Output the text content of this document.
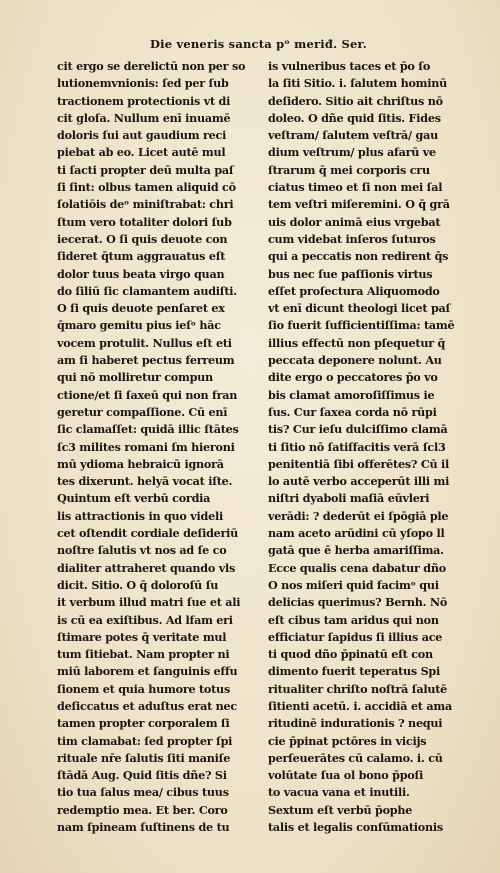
Die veneris sancta pᵒ meriđ. Ser.
cit ergo se derelictū non per so
lutionemvnionis: ſed per ſub
tractionem protectionis vt di
cit gloſa. Nullum enī inuamē
doloris ſui aut gaudium reci
piebat ab eo. Licet autē mul
ti ſacti propter deū multa paſ
ſi ſint: olbus tamen aliquid cō
ſolatiōis deᵒ miniſtrabat: chri
ſtum vero totaliter dolori ſub
iecerat. O ſi quis deuote con
ſideret q̄tum aggrauatus eſt
dolor tuus beata virgo quan
do ſiliū ſic clamantem audiſti.
O ſi quis deuote penſaret ex
q̄maro gemitu pius ieſᵒ hāc
vocem protulit. Nullus eſt eti
am ſi haberet pectus ferreum
qui nō molliretur compun
ctione/et ſi ſaxeū qui non fran
geretur compaſſione. Cū enī
ſic clamaſſet: quidā illic ſtātes
ſc3 milites romani ſm hieroni
mū ydioma hebraicū ignorā
tes dixerunt. helyā vocat iſte.
Quintum eſt verbū cordia
lis attractionis in quo videli
cet oſtendit cordiale deſideriū
noſtre ſalutis vt nos ad ſe co
dialiter attraheret quando vls
dicit. Sitio. O q̄ doloroſū ſu
it verbum illud matri ſue et ali
is cū ea exiſtibus. Ad lfam eri
ſtimare potes q̄ veritate mul
tum ſitiebat. Nam propter ni
miū laborem et ſanguinis effu
ſionem et quia humore totus
deſiccatus et aduſtus erat nec
tamen propter corporalem ſi
tim clamabat: ſed propter ſpi
rituale nr̄e ſalutis ſiti maniſe
ſtādā Aug. Quid ſitis dñe? Si
tio tua ſalus mea/ cibus tuus
redemptio mea. Et ber. Coro
nam ſpineam ſuſtinens de tu
is vulneribus taces et p̄o ſo
la ſiti Sitio. i. ſalutem hominū
deſidero. Sitio ait chriſtus nō
doleo. O dñe quid ſitis. Fides
veſtram/ ſalutem veſtrā/ gau
dium veſtrum/ plus afarū ve
ſtrarum q̄ mei corporis cru
ciatus timeo et ſi non mei ſal
tem veſtri miſeremini. O q̄ grā
uis dolor animā eius vrgebat
cum videbat inſeros ſuturos
qui a peccatis non redirent q̄s
bus nec ſue paſſionis virtus
eſſet proſectura Aliquomodo
vt enī dicunt theologi licet paſ
ſio fuerit ſufficientiſſima: tamē
illius effectū non pſequetur q̄
peccata deponere nolunt. Au
dite ergo o peccatores p̄o vo
bis clamat amoroſiſſimus ie
ſus. Cur ſaxea corda nō rūpi
tis? Cur ieſu dulciſſimo clamā
ti ſitio nō ſatiſfacitis verā ſcl3
penitentiā ſibi offerētes? Cū il
lo autē verbo acceperūt illi mi
niſtri dyaboli maſiā eūvleri
verādi: ? dederūt ei ſpōgiā ple
nam aceto arūdini cū yſopo ll
gatā que ē herba amariſſima.
Ecce qualis cena dabatur dño
O nos miſeri quid facimᵒ qui
delicias querimus? Bernh. Nō
eſt cibus tam aridus qui non
efficiatur ſapidus ſi illius ace
ti quod dño p̄pinatū eſt con
dimento fuerit teperatus Spi
ritualiter chriſto noſtrā ſalutē
ſitienti acetū. i. accidiā et ama
ritudinē indurationis ? nequi
cie p̄pinat pctōres in vicijs
perſeuerātes cū calamo. i. cū
volūtate ſua ol bono p̄poſi
to vacua vana et inutili.
Sextum eſt verbū p̄ophe
talis et legalis conſūmationis
